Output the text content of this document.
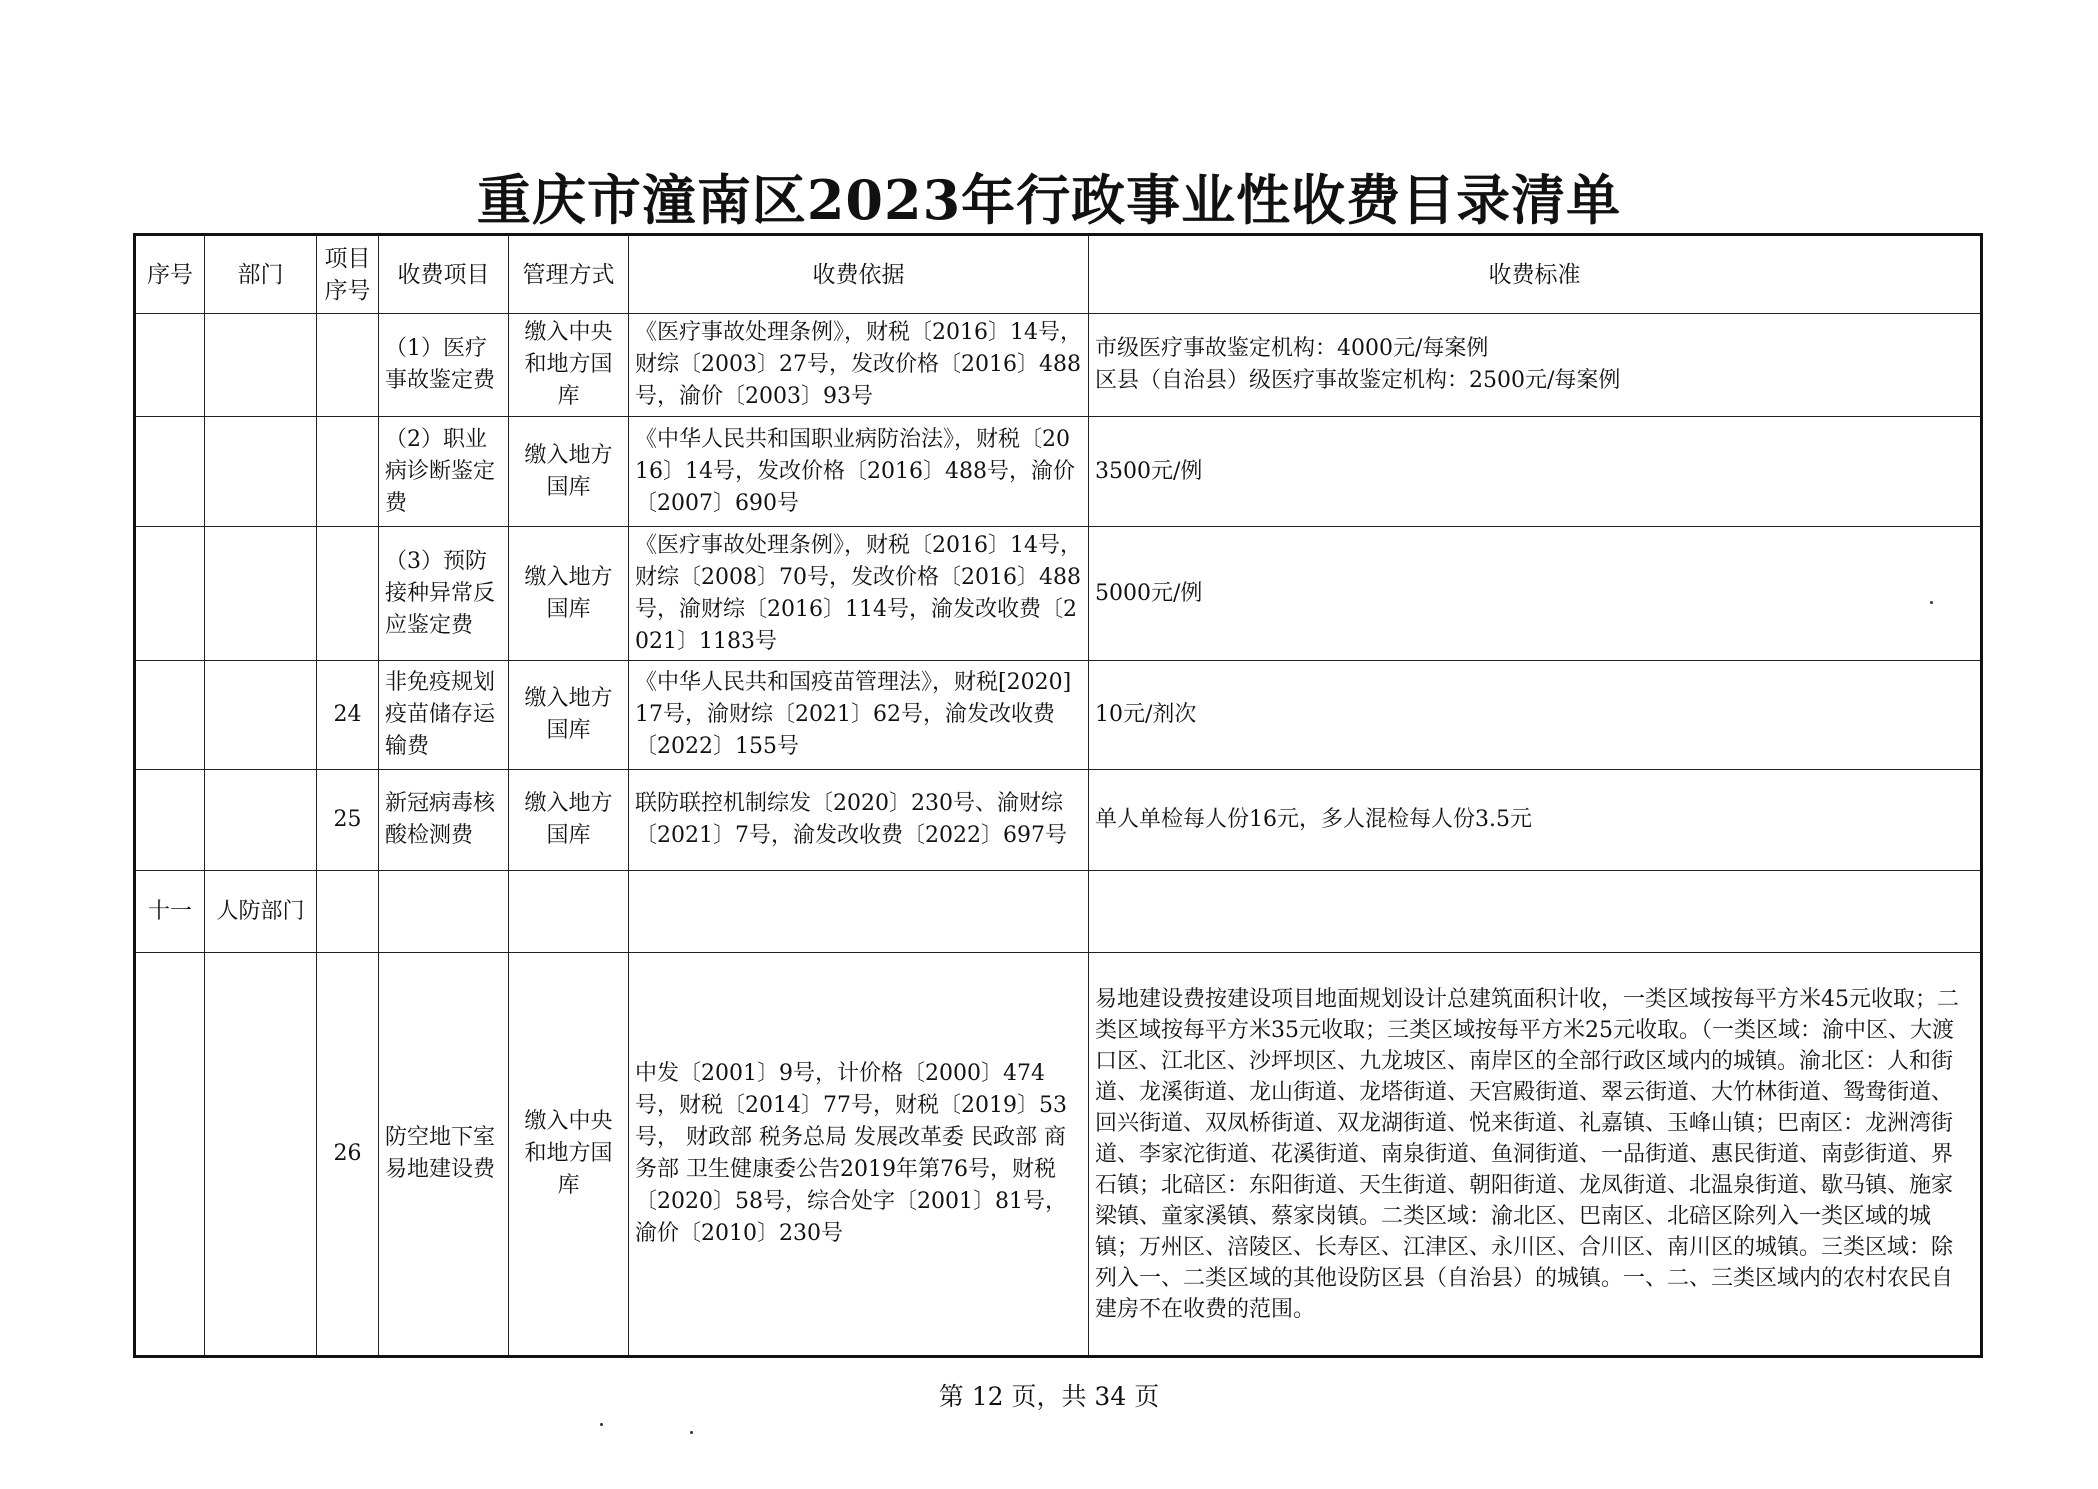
重庆市潼南区2023年行政事业性收费目录清单
序号	部门	项目序号	收费项目	管理方式	收费依据	收费标准
			（1）医疗事故鉴定费	缴入中央和地方国库	《医疗事故处理条例》，财税〔2016〕14号，财综〔2003〕27号，发改价格〔2016〕488号，渝价〔2003〕93号	市级医疗事故鉴定机构：4000元/每案例
区县（自治县）级医疗事故鉴定机构：2500元/每案例
			（2）职业病诊断鉴定费	缴入地方国库	《中华人民共和国职业病防治法》，财税〔2016〕14号，发改价格〔2016〕488号，渝价〔2007〕690号	3500元/例
			（3）预防接种异常反应鉴定费	缴入地方国库	《医疗事故处理条例》，财税〔2016〕14号，财综〔2008〕70号，发改价格〔2016〕488号，渝财综〔2016〕114号，渝发改收费〔2021〕1183号	5000元/例
		24	非免疫规划疫苗储存运输费	缴入地方国库	《中华人民共和国疫苗管理法》，财税[2020]17号，渝财综〔2021〕62号，渝发改收费〔2022〕155号	10元/剂次
		25	新冠病毒核酸检测费	缴入地方国库	联防联控机制综发〔2020〕230号、渝财综〔2021〕7号，渝发改收费〔2022〕697号	单人单检每人份16元，多人混检每人份3.5元
十一	人防部门					
		26	防空地下室易地建设费	缴入中央和地方国库	中发〔2001〕9号，计价格〔2000〕474号，财税〔2014〕77号，财税〔2019〕53号， 财政部 税务总局 发展改革委 民政部 商务部 卫生健康委公告2019年第76号，财税〔2020〕58号，综合处字〔2001〕81号，渝价〔2010〕230号	易地建设费按建设项目地面规划设计总建筑面积计收，一类区域按每平方米45元收取；二类区域按每平方米35元收取；三类区域按每平方米25元收取。（一类区域：渝中区、大渡口区、江北区、沙坪坝区、九龙坡区、南岸区的全部行政区域内的城镇。渝北区：人和街道、龙溪街道、龙山街道、龙塔街道、天宫殿街道、翠云街道、大竹林街道、鸳鸯街道、回兴街道、双凤桥街道、双龙湖街道、悦来街道、礼嘉镇、玉峰山镇；巴南区：龙洲湾街道、李家沱街道、花溪街道、南泉街道、鱼洞街道、一品街道、惠民街道、南彭街道、界石镇；北碚区：东阳街道、天生街道、朝阳街道、龙凤街道、北温泉街道、歇马镇、施家梁镇、童家溪镇、蔡家岗镇。二类区域：渝北区、巴南区、北碚区除列入一类区域的城镇；万州区、涪陵区、长寿区、江津区、永川区、合川区、南川区的城镇。三类区域：除列入一、二类区域的其他设防区县（自治县）的城镇。一、二、三类区域内的农村农民自建房不在收费的范围。
第 12 页，共 34 页
